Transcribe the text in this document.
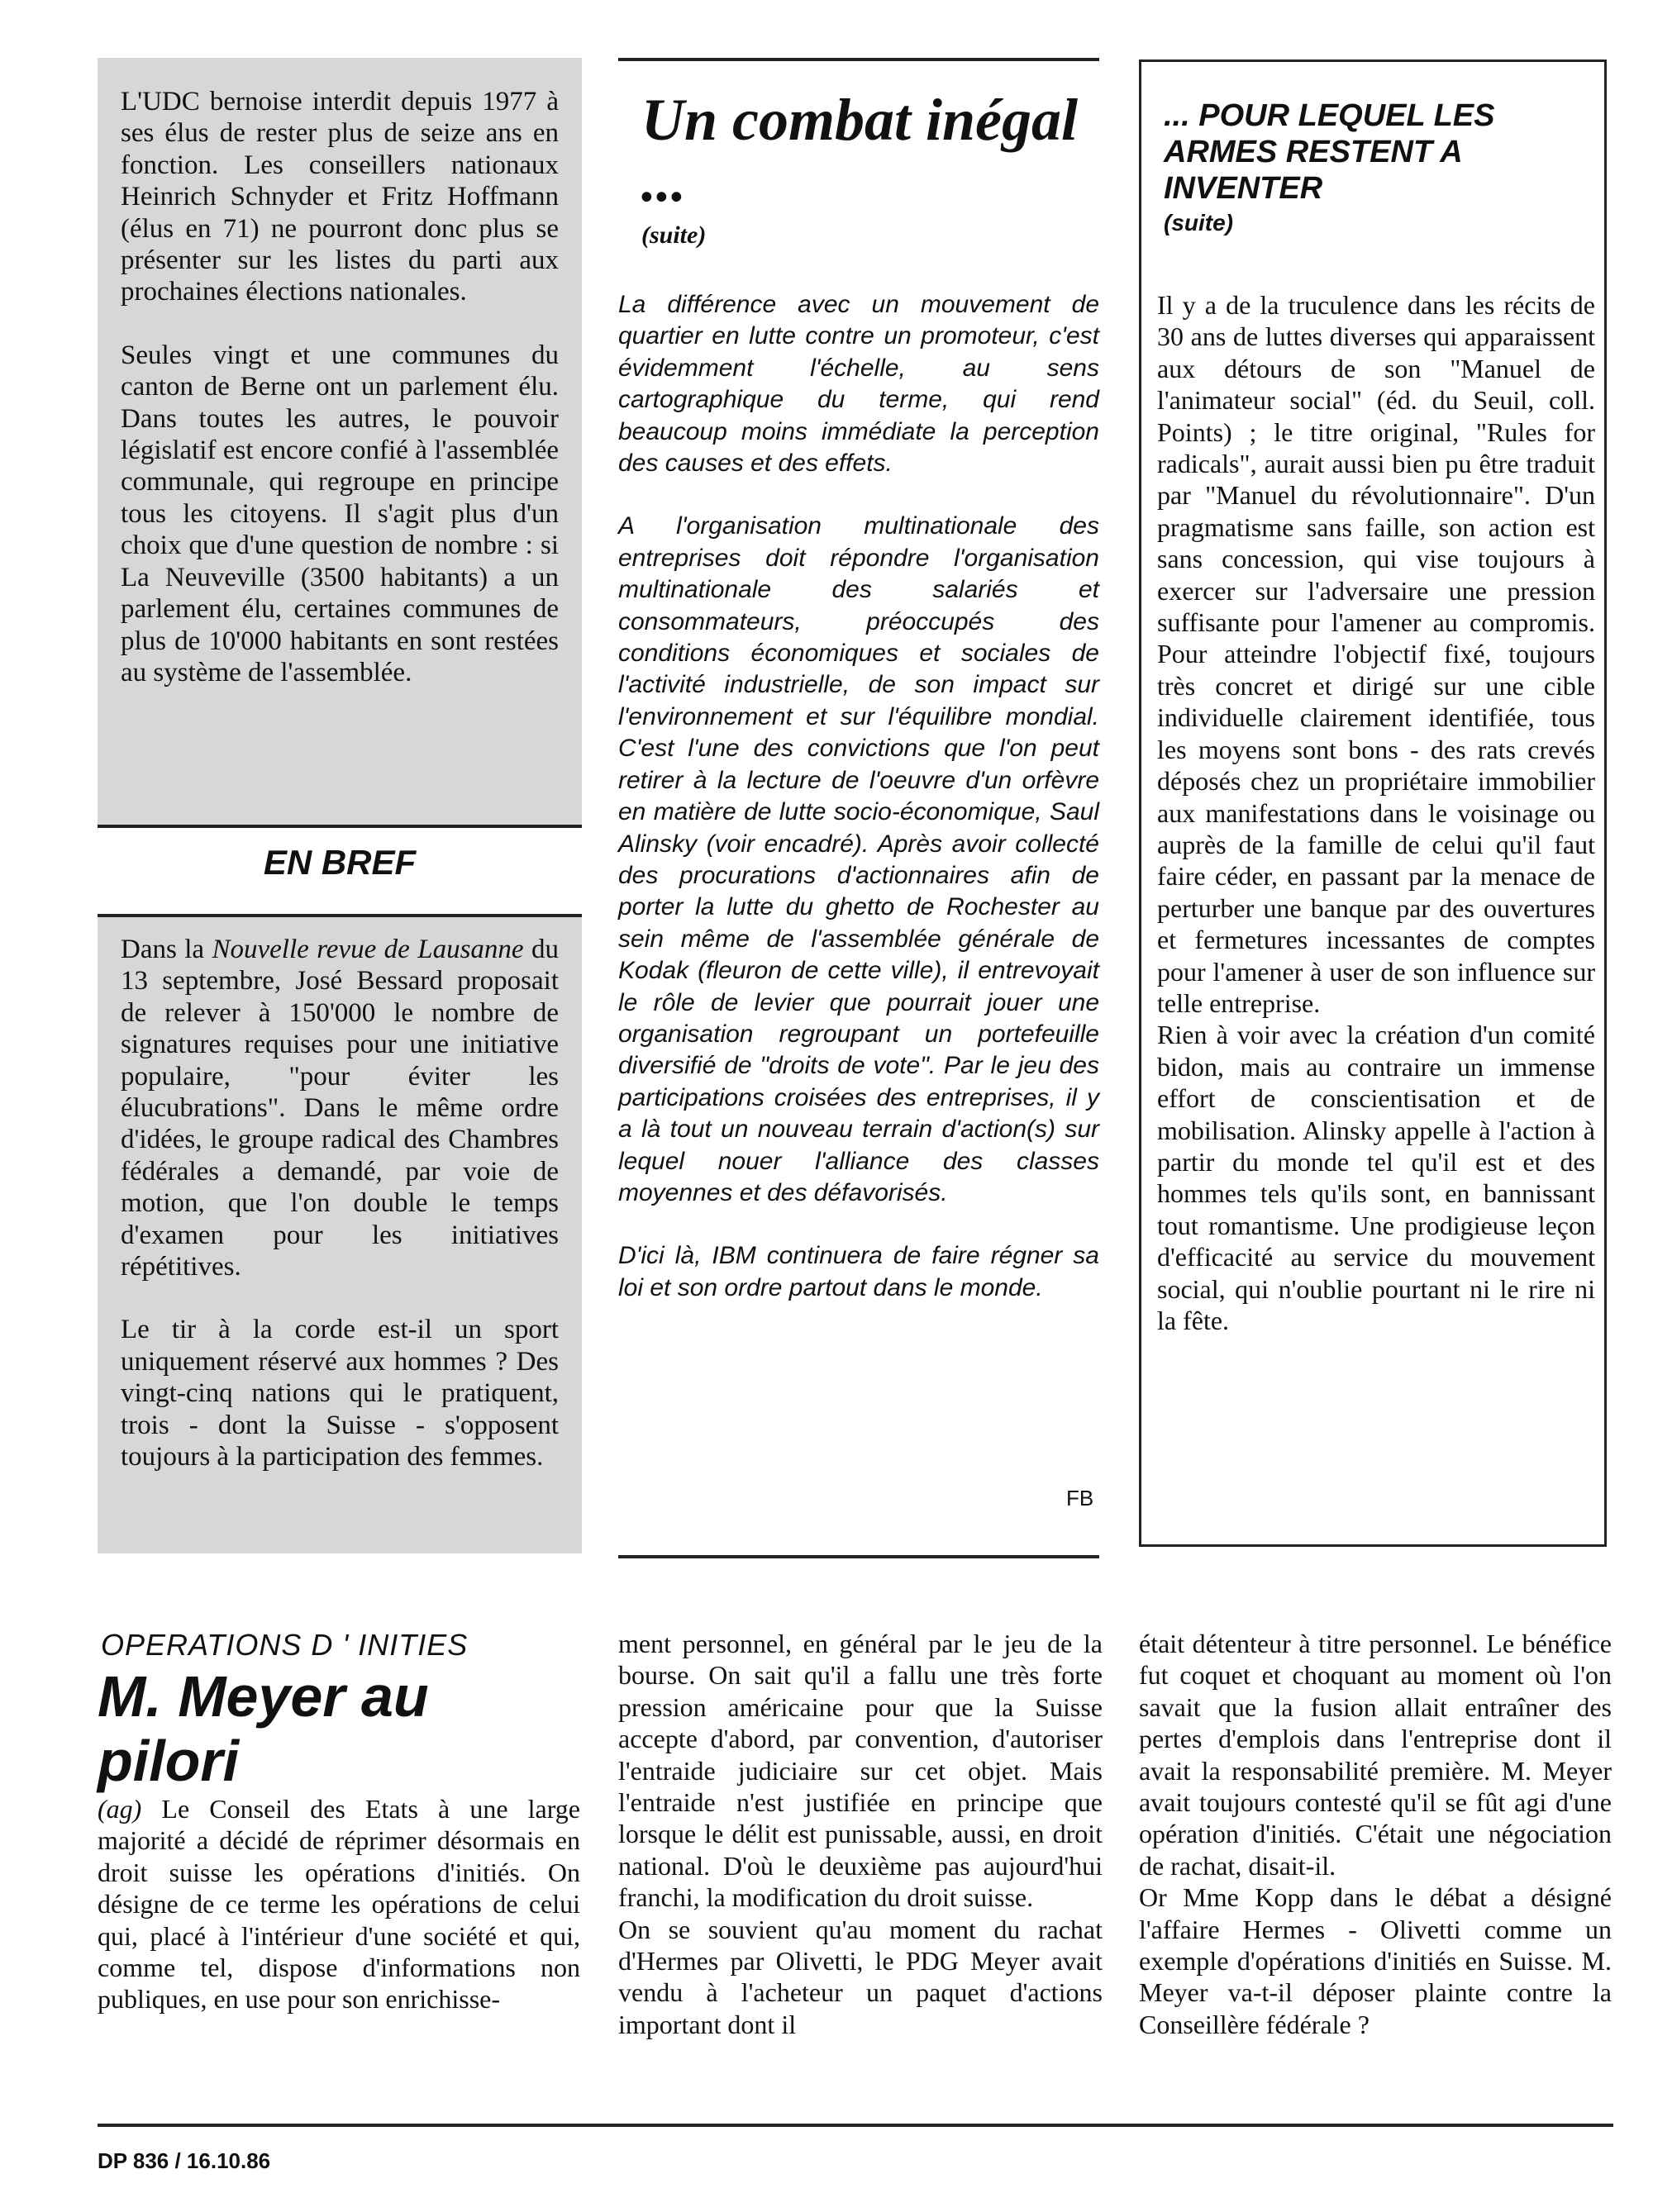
L'UDC bernoise interdit depuis 1977 à ses élus de rester plus de seize ans en fonction. Les conseillers nationaux Heinrich Schnyder et Fritz Hoffmann (élus en 71) ne pourront donc plus se présenter sur les listes du parti aux prochaines élections nationales.

Seules vingt et une communes du canton de Berne ont un parlement élu. Dans toutes les autres, le pouvoir législatif est encore confié à l'assemblée communale, qui regroupe en principe tous les citoyens. Il s'agit plus d'un choix que d'une question de nombre : si La Neuveville (3500 habitants) a un parlement élu, certaines communes de plus de 10'000 habitants en sont restées au système de l'assemblée.

EN BREF

Dans la Nouvelle revue de Lausanne du 13 septembre, José Bessard proposait de relever à 150'000 le nombre de signatures requises pour une initiative populaire, "pour éviter les élucubrations". Dans le même ordre d'idées, le groupe radical des Chambres fédérales a demandé, par voie de motion, que l'on double le temps d'examen pour les initiatives répétitives.

Le tir à la corde est-il un sport uniquement réservé aux hommes ? Des vingt-cinq nations qui le pratiquent, trois - dont la Suisse - s'opposent toujours à la participation des femmes.

Un combat inégal ...
(suite)

La différence avec un mouvement de quartier en lutte contre un promoteur, c'est évidemment l'échelle, au sens cartographique du terme, qui rend beaucoup moins immédiate la perception des causes et des effets.

A l'organisation multinationale des entreprises doit répondre l'organisation multinationale des salariés et consommateurs, préoccupés des conditions économiques et sociales de l'activité industrielle, de son impact sur l'environnement et sur l'équilibre mondial. C'est l'une des convictions que l'on peut retirer à la lecture de l'oeuvre d'un orfèvre en matière de lutte socio-économique, Saul Alinsky (voir encadré). Après avoir collecté des procurations d'actionnaires afin de porter la lutte du ghetto de Rochester au sein même de l'assemblée générale de Kodak (fleuron de cette ville), il entrevoyait le rôle de levier que pourrait jouer une organisation regroupant un portefeuille diversifié de "droits de vote". Par le jeu des participations croisées des entreprises, il y a là tout un nouveau terrain d'action(s) sur lequel nouer l'alliance des classes moyennes et des défavorisés.

D'ici là, IBM continuera de faire régner sa loi et son ordre partout dans le monde.

FB
... POUR LEQUEL LES ARMES RESTENT A INVENTER
(suite)

Il y a de la truculence dans les récits de 30 ans de luttes diverses qui apparaissent aux détours de son "Manuel de l'animateur social" (éd. du Seuil, coll. Points) ; le titre original, "Rules for radicals", aurait aussi bien pu être traduit par "Manuel du révolutionnaire". D'un pragmatisme sans faille, son action est sans concession, qui vise toujours à exercer sur l'adversaire une pression suffisante pour l'amener au compromis. Pour atteindre l'objectif fixé, toujours très concret et dirigé sur une cible individuelle clairement identifiée, tous les moyens sont bons - des rats crevés déposés chez un propriétaire immobilier aux manifestations dans le voisinage ou auprès de la famille de celui qu'il faut faire céder, en passant par la menace de perturber une banque par des ouvertures et fermetures incessantes de comptes pour l'amener à user de son influence sur telle entreprise.

Rien à voir avec la création d'un comité bidon, mais au contraire un immense effort de conscientisation et de mobilisation. Alinsky appelle à l'action à partir du monde tel qu'il est et des hommes tels qu'ils sont, en bannissant tout romantisme. Une prodigieuse leçon d'efficacité au service du mouvement social, qui n'oublie pourtant ni le rire ni la fête.

OPERATIONS D ' INITIES
M. Meyer au pilori

(ag) Le Conseil des Etats à une large majorité a décidé de réprimer désormais en droit suisse les opérations d'initiés. On désigne de ce terme les opérations de celui qui, placé à l'intérieur d'une société et qui, comme tel, dispose d'informations non publiques, en use pour son enrichisse-

ment personnel, en général par le jeu de la bourse. On sait qu'il a fallu une très forte pression américaine pour que la Suisse accepte d'abord, par convention, d'autoriser l'entraide judiciaire sur cet objet. Mais l'entraide n'est justifiée en principe que lorsque le délit est punissable, aussi, en droit national. D'où le deuxième pas aujourd'hui franchi, la modification du droit suisse.

On se souvient qu'au moment du rachat d'Hermes par Olivetti, le PDG Meyer avait vendu à l'acheteur un paquet d'actions important dont il

était détenteur à titre personnel. Le bénéfice fut coquet et choquant au moment où l'on savait que la fusion allait entraîner des pertes d'emplois dans l'entreprise dont il avait la responsabilité première. M. Meyer avait toujours contesté qu'il se fût agi d'une opération d'initiés. C'était une négociation de rachat, disait-il.

Or Mme Kopp dans le débat a désigné l'affaire Hermes - Olivetti comme un exemple d'opérations d'initiés en Suisse. M. Meyer va-t-il déposer plainte contre la Conseillère fédérale ?

DP 836 / 16.10.86
